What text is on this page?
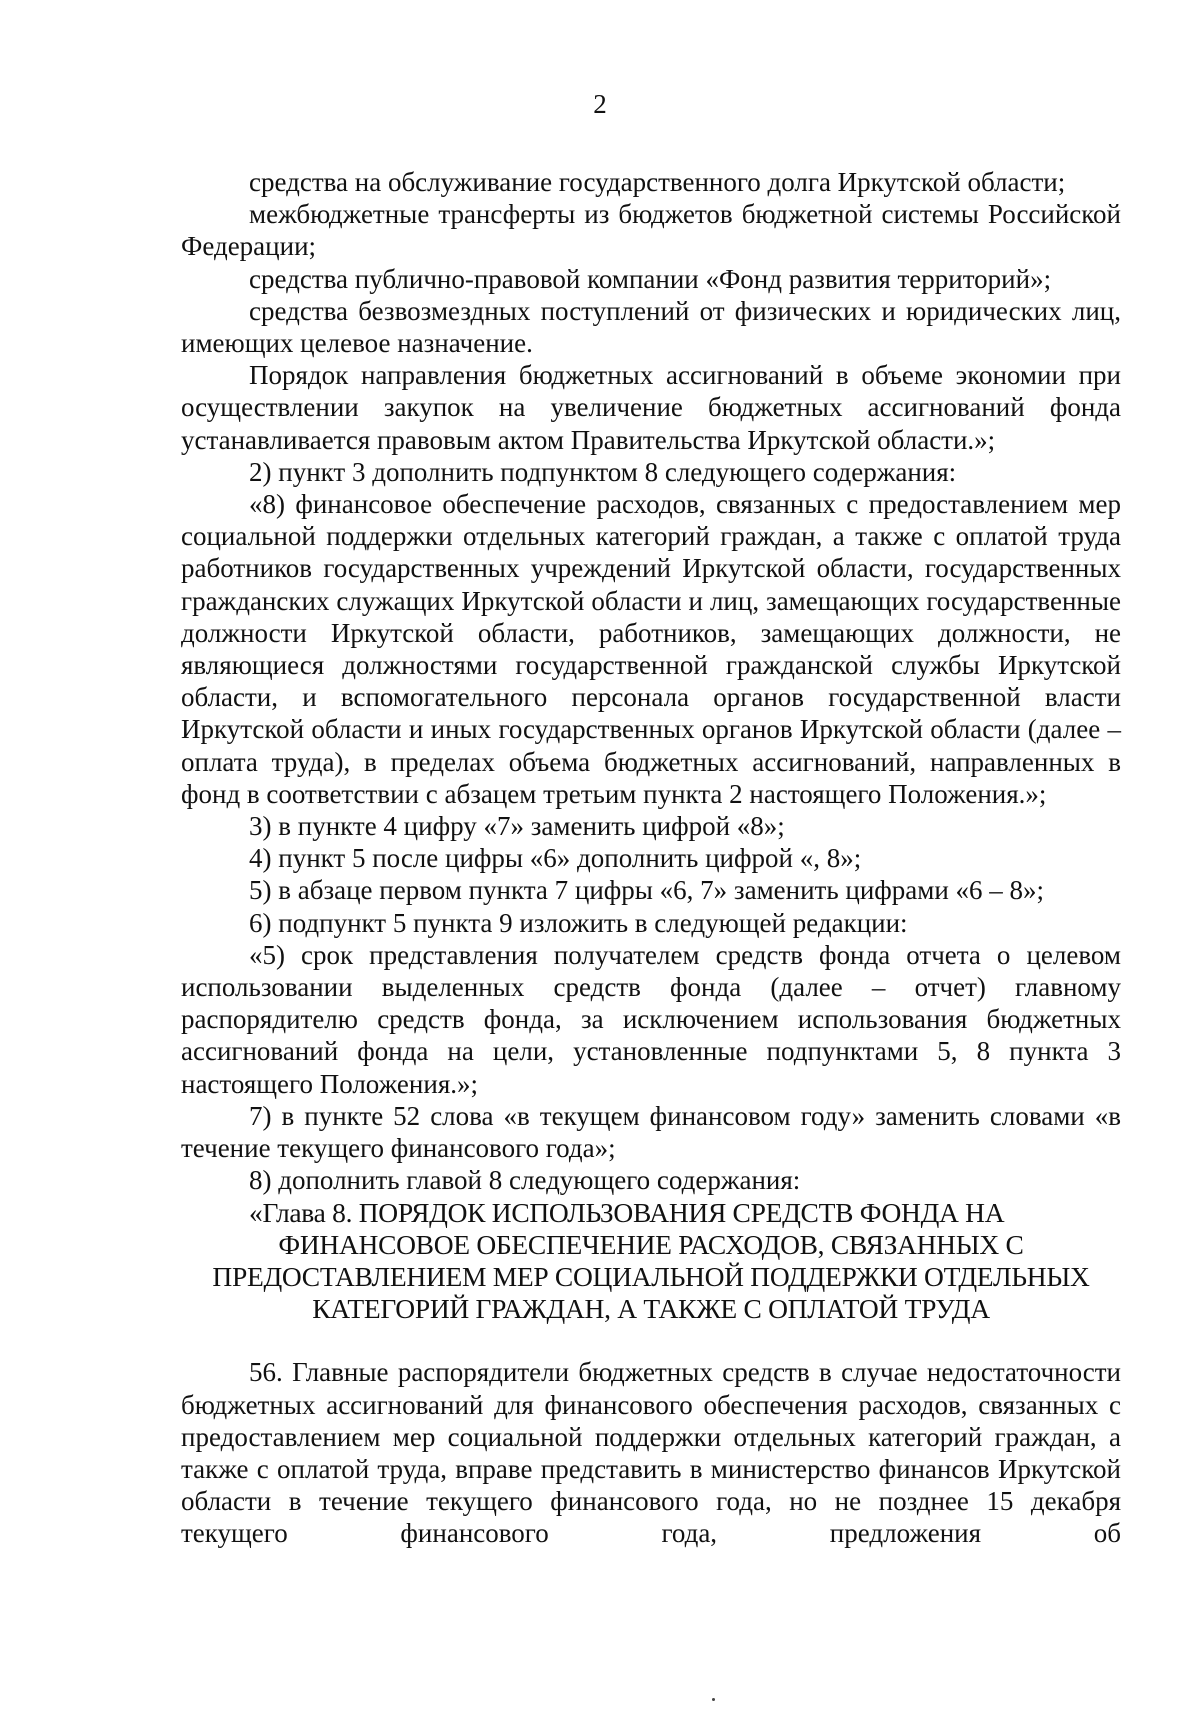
2

средства на обслуживание государственного долга Иркутской области;

межбюджетные трансферты из бюджетов бюджетной системы Российской Федерации;

средства публично-правовой компании «Фонд развития территорий»;

средства безвозмездных поступлений от физических и юридических лиц, имеющих целевое назначение.

Порядок направления бюджетных ассигнований в объеме экономии при осуществлении закупок на увеличение бюджетных ассигнований фонда устанавливается правовым актом Правительства Иркутской области.»;

2) пункт 3 дополнить подпунктом 8 следующего содержания:

«8) финансовое обеспечение расходов, связанных с предоставлением мер социальной поддержки отдельных категорий граждан, а также с оплатой труда работников государственных учреждений Иркутской области, государственных гражданских служащих Иркутской области и лиц, замещающих государственные должности Иркутской области, работников, замещающих должности, не являющиеся должностями государственной гражданской службы Иркутской области, и вспомогательного персонала органов государственной власти Иркутской области и иных государственных органов Иркутской области (далее – оплата труда), в пределах объема бюджетных ассигнований, направленных в фонд в соответствии с абзацем третьим пункта 2 настоящего Положения.»;

3) в пункте 4 цифру «7» заменить цифрой «8»;

4) пункт 5 после цифры «6» дополнить цифрой «, 8»;

5) в абзаце первом пункта 7 цифры «6, 7» заменить цифрами «6 – 8»;

6) подпункт 5 пункта 9 изложить в следующей редакции:

«5) срок представления получателем средств фонда отчета о целевом использовании выделенных средств фонда (далее – отчет) главному распорядителю средств фонда, за исключением использования бюджетных ассигнований фонда на цели, установленные подпунктами 5, 8 пункта 3 настоящего Положения.»;

7) в пункте 52 слова «в текущем финансовом году» заменить словами «в течение текущего финансового года»;

8) дополнить главой 8 следующего содержания:

«Глава 8. ПОРЯДОК ИСПОЛЬЗОВАНИЯ СРЕДСТВ ФОНДА НА
ФИНАНСОВОЕ ОБЕСПЕЧЕНИЕ РАСХОДОВ, СВЯЗАННЫХ С ПРЕДОСТАВЛЕНИЕМ МЕР СОЦИАЛЬНОЙ ПОДДЕРЖКИ ОТДЕЛЬНЫХ КАТЕГОРИЙ ГРАЖДАН, А ТАКЖЕ С ОПЛАТОЙ ТРУДА

56. Главные распорядители бюджетных средств в случае недостаточности бюджетных ассигнований для финансового обеспечения расходов, связанных с предоставлением мер социальной поддержки отдельных категорий граждан, а также с оплатой труда, вправе представить в министерство финансов Иркутской области в течение текущего финансового года, но не позднее 15 декабря текущего финансового года, предложения об
